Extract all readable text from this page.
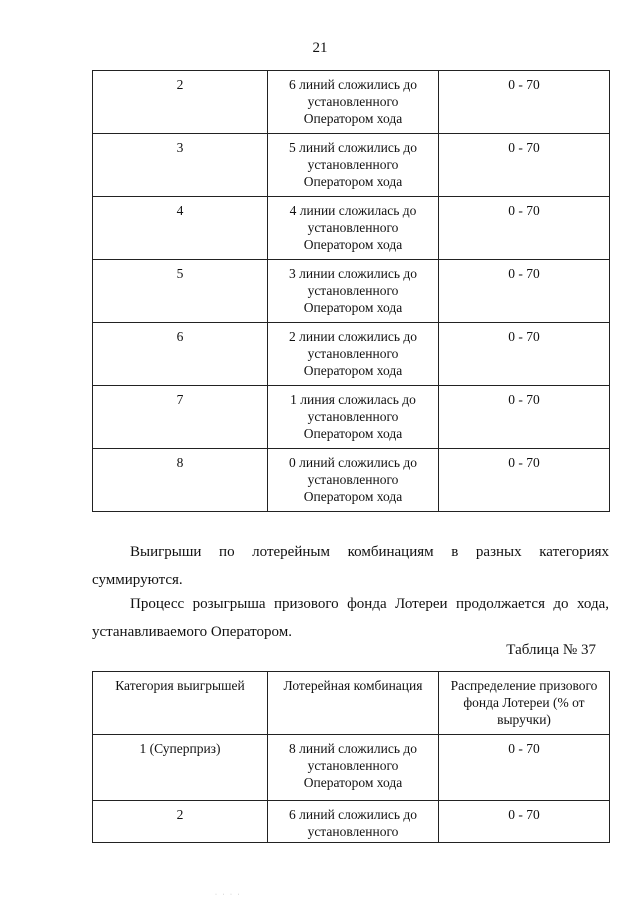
21
2	6 линий сложились до установленного Оператором хода	0 - 70
3	5 линий сложились до установленного Оператором хода	0 - 70
4	4 линии сложилась до установленного Оператором хода	0 - 70
5	3 линии сложились до установленного Оператором хода	0 - 70
6	2 линии сложились до установленного Оператором хода	0 - 70
7	1 линия сложилась до установленного Оператором хода	0 - 70
8	0 линий сложились до установленного Оператором хода	0 - 70
Выигрыши по лотерейным комбинациям в разных категориях суммируются.
Процесс розыгрыша призового фонда Лотереи продолжается до хода, устанавливаемого Оператором.
Таблица № 37
Категория выигрышей	Лотерейная комбинация	Распределение призового фонда Лотереи (% от выручки)
1 (Суперприз)	8 линий сложились до установленного Оператором хода	0 - 70
2	6 линий сложились до установленного	0 - 70
· · · ·
